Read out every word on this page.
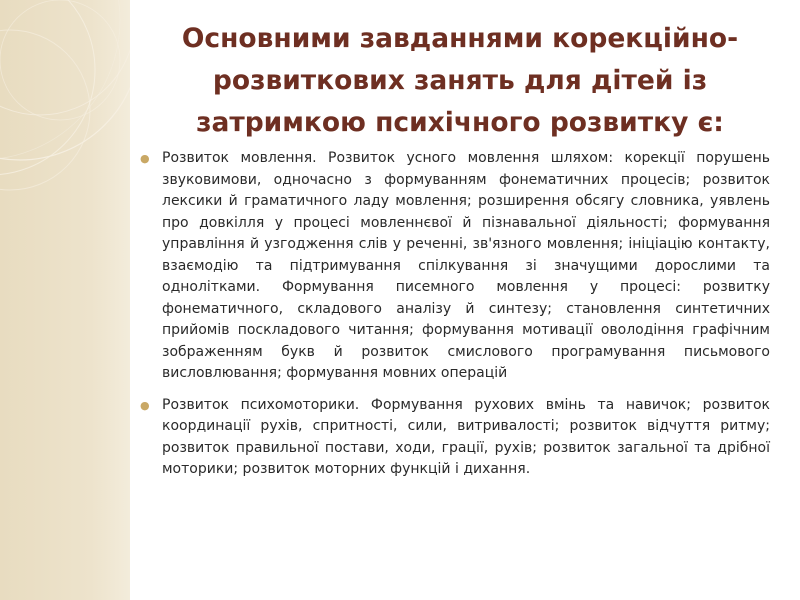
Основними завданнями корекційно-розвиткових занять для дітей із затримкою психічного розвитку є:
● Розвиток мовлення. Розвиток усного мовлення шляхом: корекції порушень звуковимови, одночасно з формуванням фонематичних процесів; розвиток лексики й граматичного ладу мовлення; розширення обсягу словника, уявлень про довкілля у процесі мовленнєвої й пізнавальної діяльності; формування управління й узгодження слів у реченні, зв'язного мовлення; ініціацію контакту, взаємодію та підтримування спілкування зі значущими дорослими та однолітками. Формування писемного мовлення у процесі: розвитку фонематичного, складового аналізу й синтезу; становлення синтетичних прийомів поскладового читання; формування мотивації оволодіння графічним зображенням букв й розвиток смислового програмування письмового висловлювання; формування мовних операцій
● Розвиток психомоторики. Формування рухових вмінь та навичок; розвиток координації рухів, спритності, сили, витривалості; розвиток відчуття ритму; розвиток правильної постави, ходи, грації, рухів; розвиток загальної та дрібної моторики; розвиток моторних функцій і дихання.
